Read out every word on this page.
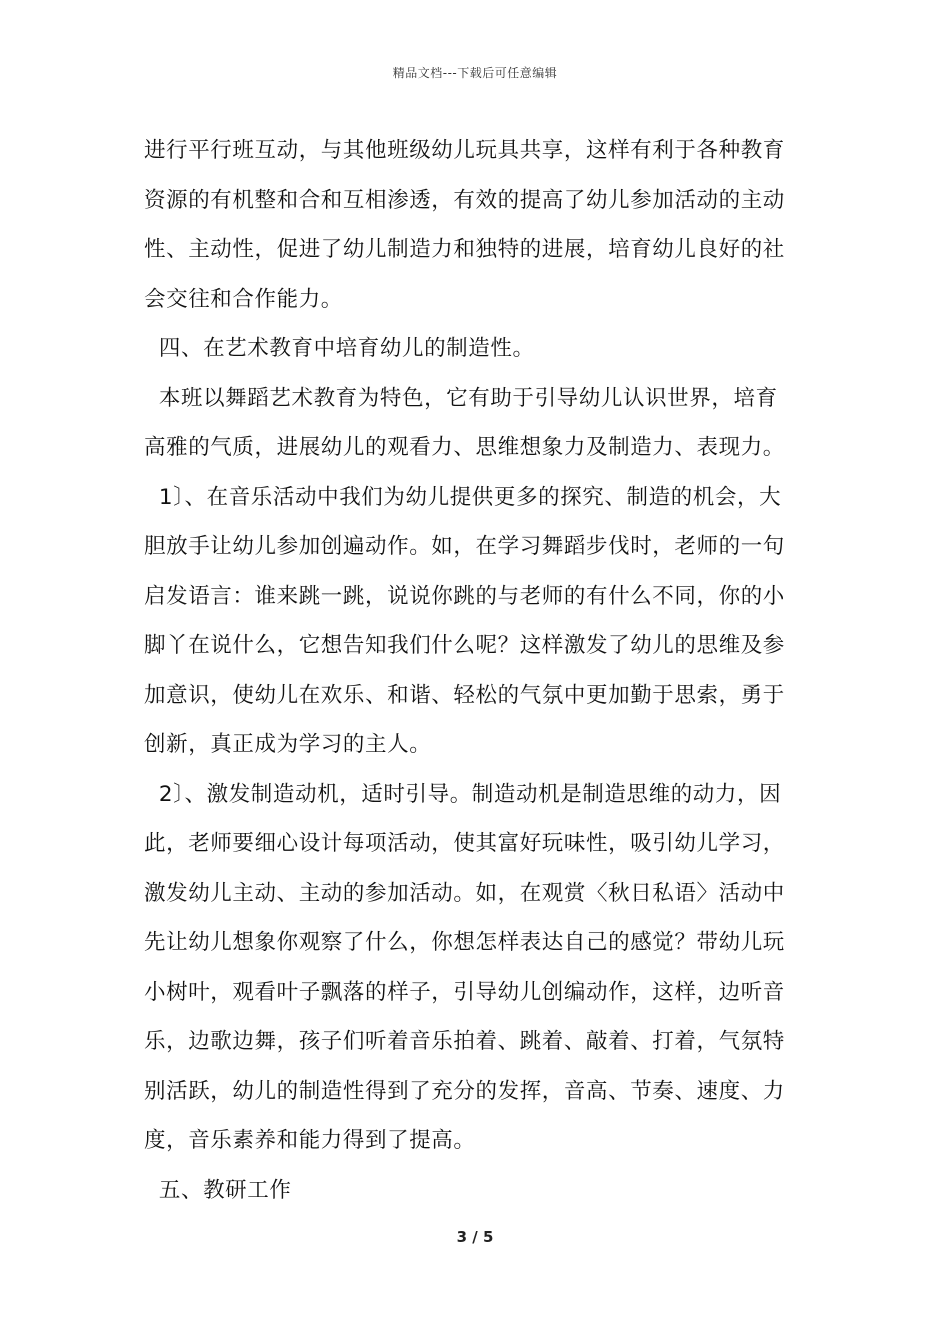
精品文档---下载后可任意编辑
进行平行班互动，与其他班级幼儿玩具共享，这样有利于各种教育
资源的有机整和合和互相渗透，有效的提高了幼儿参加活动的主动
性、主动性，促进了幼儿制造力和独特的进展，培育幼儿良好的社
会交往和合作能力。
四、在艺术教育中培育幼儿的制造性。
本班以舞蹈艺术教育为特色，它有助于引导幼儿认识世界，培育
高雅的气质，进展幼儿的观看力、思维想象力及制造力、表现力。
1〕、在音乐活动中我们为幼儿提供更多的探究、制造的机会，大
胆放手让幼儿参加创遍动作。如，在学习舞蹈步伐时，老师的一句
启发语言：谁来跳一跳，说说你跳的与老师的有什么不同，你的小
脚丫在说什么，它想告知我们什么呢？这样激发了幼儿的思维及参
加意识，使幼儿在欢乐、和谐、轻松的气氛中更加勤于思索，勇于
创新，真正成为学习的主人。
2〕、激发制造动机，适时引导。制造动机是制造思维的动力，因
此，老师要细心设计每项活动，使其富好玩味性，吸引幼儿学习，
激发幼儿主动、主动的参加活动。如，在观赏〈秋日私语〉活动中
先让幼儿想象你观察了什么，你想怎样表达自己的感觉？带幼儿玩
小树叶，观看叶子飘落的样子，引导幼儿创编动作，这样，边听音
乐，边歌边舞，孩子们听着音乐拍着、跳着、敲着、打着，气氛特
别活跃，幼儿的制造性得到了充分的发挥，音高、节奏、速度、力
度，音乐素养和能力得到了提高。
五、教研工作
3 / 5
